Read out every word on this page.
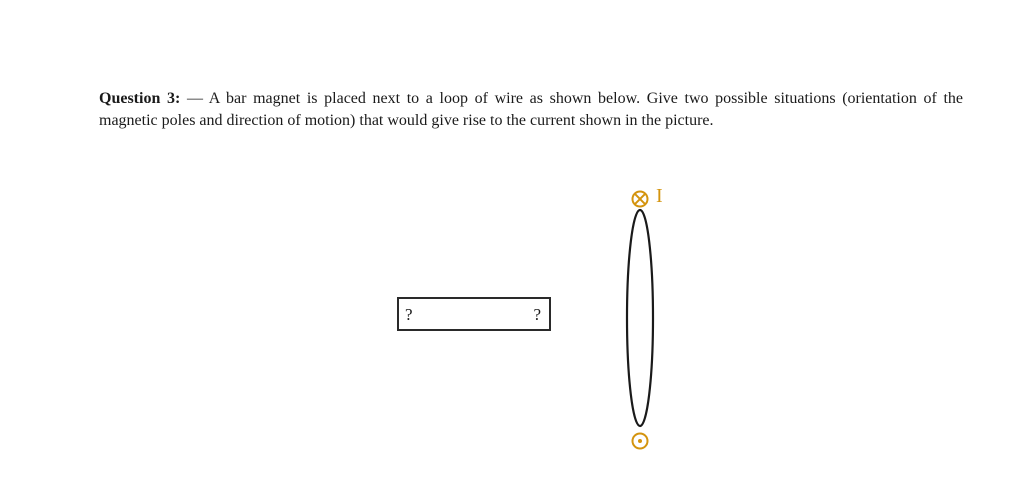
Question 3: — A bar magnet is placed next to a loop of wire as shown below. Give two possible situations (orientation of the magnetic poles and direction of motion) that would give rise to the current shown in the picture.
?	?
I
